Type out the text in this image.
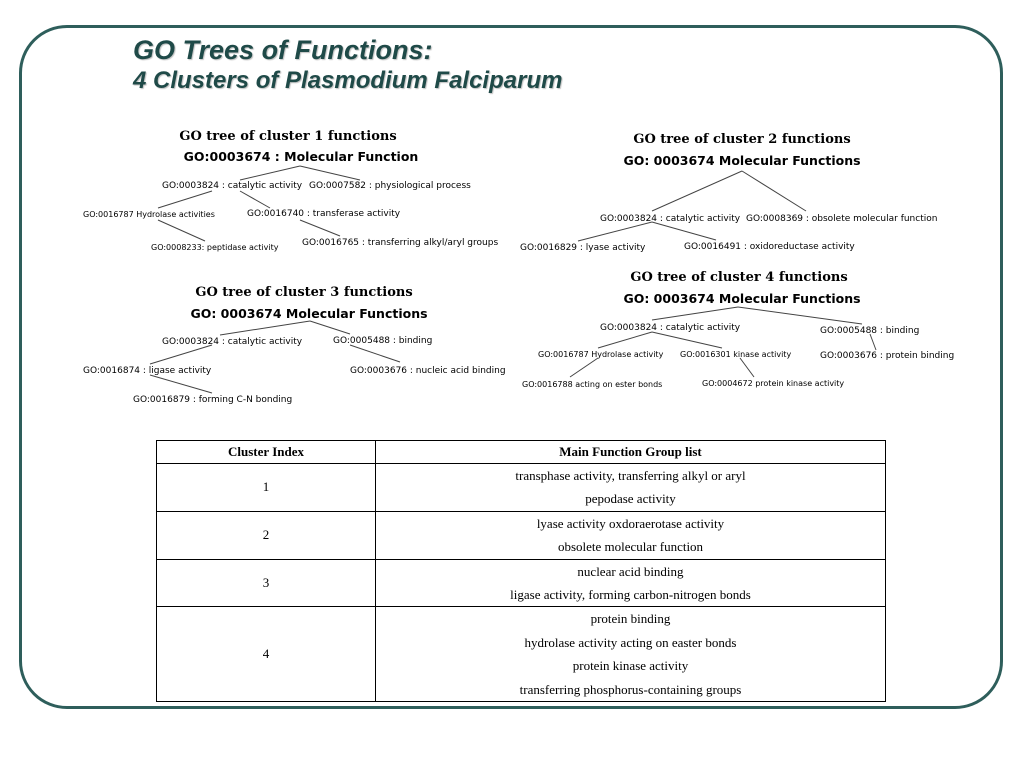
GO Trees of Functions:
4 Clusters of Plasmodium Falciparum
GO tree of cluster 1 functions
GO:0003674 : Molecular Function
GO:0003824 : catalytic activity GO:0007582 : physiological process
GO:0016787 Hydrolase activities	GO:0016740 : transferase activity
GO:0008233: peptidase activity	GO:0016765 : transferring alkyl/aryl groups
GO tree of cluster 2 functions
GO: 0003674 Molecular Functions
GO:0003824 : catalytic activity GO:0008369 : obsolete molecular function
GO:0016829 : lyase activity	GO:0016491 : oxidoreductase activity
GO tree of cluster 3 functions
GO: 0003674 Molecular Functions
GO:0003824 : catalytic activity	GO:0005488 : binding
GO:0016874 : ligase activity	GO:0003676 : nucleic acid binding
GO:0016879 : forming C-N bonding
GO tree of cluster 4 functions
GO: 0003674 Molecular Functions
GO:0003824 : catalytic activity	GO:0005488 : binding
GO:0016787 Hydrolase activity GO:0016301 kinase activity	GO:0003676 : protein binding
GO:0016788 acting on ester bonds	GO:0004672 protein kinase activity
Cluster Index	Main Function Group list
1	transphase activity, transferring alkyl or aryl
pepodase activity

2	lyase activity oxdoraerotase activity
obsolete molecular function

3	nuclear acid binding
ligase activity, forming carbon-nitrogen bonds

4	protein binding
hydrolase activity acting on easter bonds
protein kinase activity
transferring phosphorus-containing groups
